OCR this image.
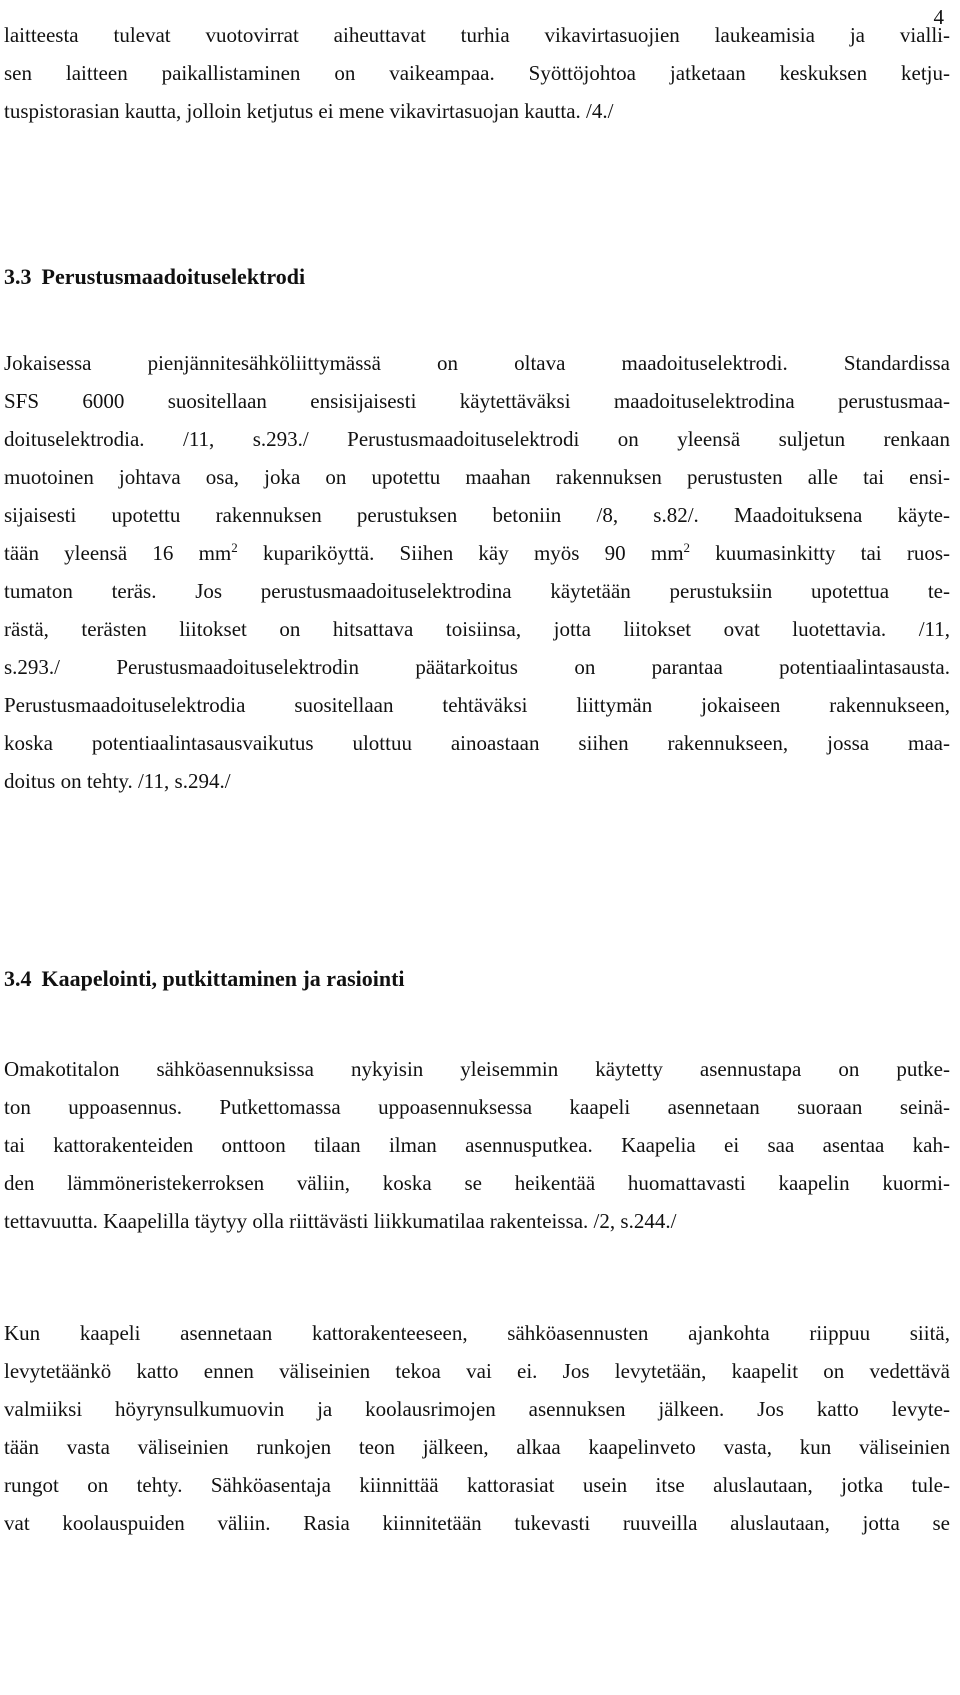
4
laitteesta tulevat vuotovirrat aiheuttavat turhia vikavirtasuojien laukeamisia ja vialli-
sen laitteen paikallistaminen on vaikeampaa. Syöttöjohtoa jatketaan keskuksen ketju-
tuspistorasian kautta, jolloin ketjutus ei mene vikavirtasuojan kautta. /4./
3.3 Perustusmaadoituselektrodi
Jokaisessa pienjännitesähköliittymässä on oltava maadoituselektrodi. Standardissa
SFS 6000 suositellaan ensisijaisesti käytettäväksi maadoituselektrodina perustusmaa-
doituselektrodia. /11, s.293./ Perustusmaadoituselektrodi on yleensä suljetun renkaan
muotoinen johtava osa, joka on upotettu maahan rakennuksen perustusten alle tai ensi-
sijaisesti upotettu rakennuksen perustuksen betoniin /8, s.82/. Maadoituksena käyte-
tään yleensä 16 $mm^2$ kupariköyttä. Siihen käy myös 90 $mm^2$ kuumasinkitty tai ruos-
tumaton teräs. Jos perustusmaadoituselektrodina käytetään perustuksiin upotettua te-
rästä, terästen liitokset on hitsattava toisiinsa, jotta liitokset ovat luotettavia. /11,
s.293./ Perustusmaadoituselektrodin päätarkoitus on parantaa potentiaalintasausta.
Perustusmaadoituselektrodia suositellaan tehtäväksi liittymän jokaiseen rakennukseen,
koska potentiaalintasausvaikutus ulottuu ainoastaan siihen rakennukseen, jossa maa-
doitus on tehty. /11, s.294./
3.4 Kaapelointi, putkittaminen ja rasiointi
Omakotitalon sähköasennuksissa nykyisin yleisemmin käytetty asennustapa on putke-
ton uppoasennus. Putkettomassa uppoasennuksessa kaapeli asennetaan suoraan seinä-
tai kattorakenteiden onttoon tilaan ilman asennusputkea. Kaapelia ei saa asentaa kah-
den lämmöneristekerroksen väliin, koska se heikentää huomattavasti kaapelin kuormi-
tettavuutta. Kaapelilla täytyy olla riittävästi liikkumatilaa rakenteissa. /2, s.244./
Kun kaapeli asennetaan kattorakenteeseen, sähköasennusten ajankohta riippuu siitä,
levytetäänkö katto ennen väliseinien tekoa vai ei. Jos levytetään, kaapelit on vedettävä
valmiiksi höyrynsulkumuovin ja koolausrimojen asennuksen jälkeen. Jos katto levyte-
tään vasta väliseinien runkojen teon jälkeen, alkaa kaapelinveto vasta, kun väliseinien
rungot on tehty. Sähköasentaja kiinnittää kattorasiat usein itse aluslautaan, jotka tule-
vat koolauspuiden väliin. Rasia kiinnitetään tukevasti ruuveilla aluslautaan, jotta se
